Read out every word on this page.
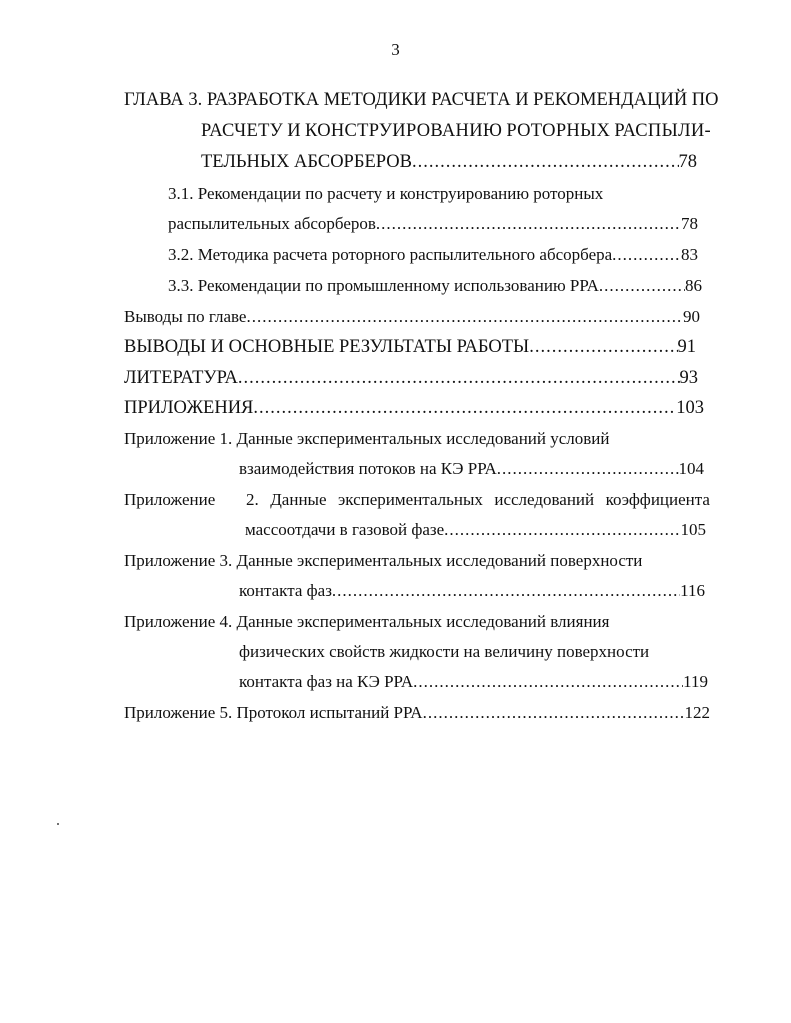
3
ГЛАВА 3. РАЗРАБОТКА МЕТОДИКИ РАСЧЕТА И РЕКОМЕНДАЦИЙ ПО
РАСЧЕТУ И КОНСТРУИРОВАНИЮ РОТОРНЫХ РАСПЫЛИ-
ТЕЛЬНЫХ АБСОРБЕРОВ .....	78
3.1. Рекомендации по расчету и конструированию роторных
распылительных абсорберов .....	78
3.2. Методика расчета роторного распылительного абсорбера .....	83
3.3. Рекомендации по промышленному использованию РРА .....	86
Выводы по главе .....	90
ВЫВОДЫ И ОСНОВНЫЕ РЕЗУЛЬТАТЫ РАБОТЫ .....	91
ЛИТЕРАТУРА .....	93
ПРИЛОЖЕНИЯ .....	103
Приложение 1. Данные экспериментальных исследований условий
взаимодействия потоков на КЭ РРА .....	104
Приложение 2. Данные экспериментальных исследований коэффициента
массоотдачи в газовой фазе .....	105
Приложение 3. Данные экспериментальных исследований поверхности
контакта фаз .....	116
Приложение 4. Данные экспериментальных исследований влияния
физических свойств жидкости на величину поверхности
контакта фаз на КЭ РРА .....	119
Приложение 5. Протокол испытаний РРА .....	122
